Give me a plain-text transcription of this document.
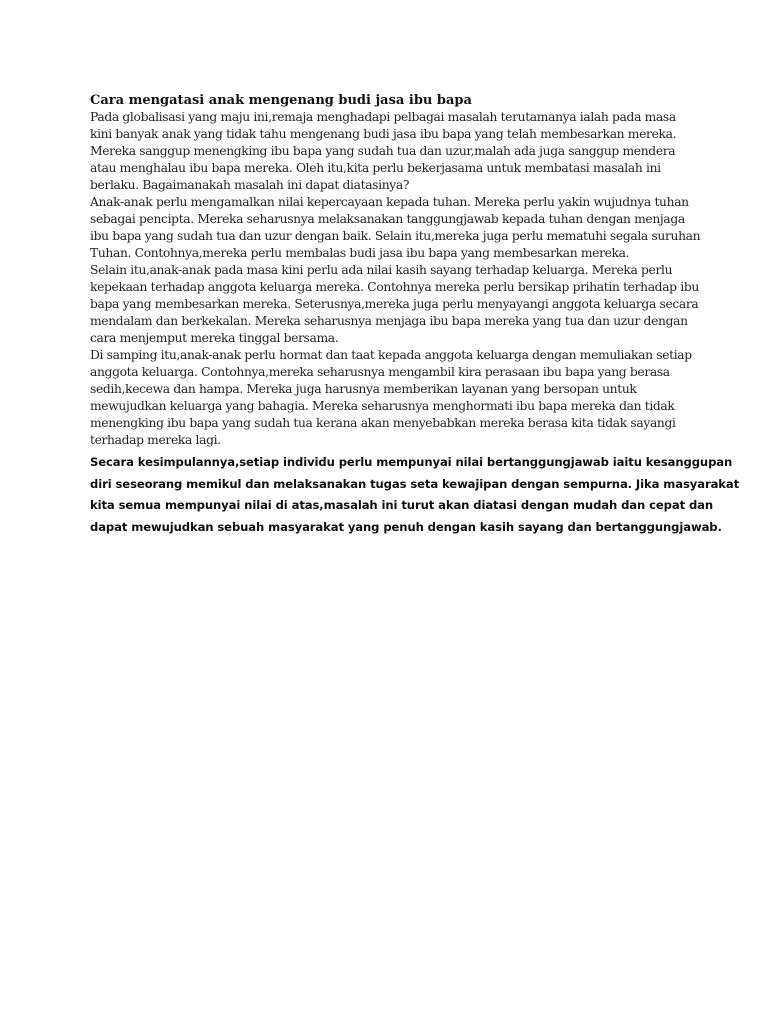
Cara mengatasi anak mengenang budi jasa ibu bapa

Pada globalisasi yang maju ini,remaja menghadapi pelbagai masalah terutamanya ialah pada masa

kini banyak anak yang tidak tahu mengenang budi jasa ibu bapa yang telah membesarkan mereka.

Mereka sanggup menengking ibu bapa yang sudah tua dan uzur,malah ada juga sanggup mendera

atau menghalau ibu bapa mereka. Oleh itu,kita perlu bekerjasama untuk membatasi masalah ini

berlaku. Bagaimanakah masalah ini dapat diatasinya?

Anak-anak perlu mengamalkan nilai kepercayaan kepada tuhan. Mereka perlu yakin wujudnya tuhan

sebagai pencipta. Mereka seharusnya melaksanakan tanggungjawab kepada tuhan dengan menjaga

ibu bapa yang sudah tua dan uzur dengan baik. Selain itu,mereka juga perlu mematuhi segala suruhan

Tuhan. Contohnya,mereka perlu membalas budi jasa ibu bapa yang membesarkan mereka.

Selain itu,anak-anak pada masa kini perlu ada nilai kasih sayang terhadap keluarga. Mereka perlu

kepekaan terhadap anggota keluarga mereka. Contohnya mereka perlu bersikap prihatin terhadap ibu

bapa yang membesarkan mereka. Seterusnya,mereka juga perlu menyayangi anggota keluarga secara

mendalam dan berkekalan. Mereka seharusnya menjaga ibu bapa mereka yang tua dan uzur dengan

cara menjemput mereka tinggal bersama.

Di samping itu,anak-anak perlu hormat dan taat kepada anggota keluarga dengan memuliakan setiap

anggota keluarga. Contohnya,mereka seharusnya mengambil kira perasaan ibu bapa yang berasa

sedih,kecewa dan hampa. Mereka juga harusnya memberikan layanan yang bersopan untuk

mewujudkan keluarga yang bahagia. Mereka seharusnya menghormati ibu bapa mereka dan tidak

menengking ibu bapa yang sudah tua kerana akan menyebabkan mereka berasa kita tidak sayangi

terhadap mereka lagi.

Secara kesimpulannya,setiap individu perlu mempunyai nilai bertanggungjawab iaitu kesanggupan

diri seseorang memikul dan melaksanakan tugas seta kewajipan dengan sempurna. Jika masyarakat

kita semua mempunyai nilai di atas,masalah ini turut akan diatasi dengan mudah dan cepat dan

dapat mewujudkan sebuah masyarakat yang penuh dengan kasih sayang dan bertanggungjawab.
